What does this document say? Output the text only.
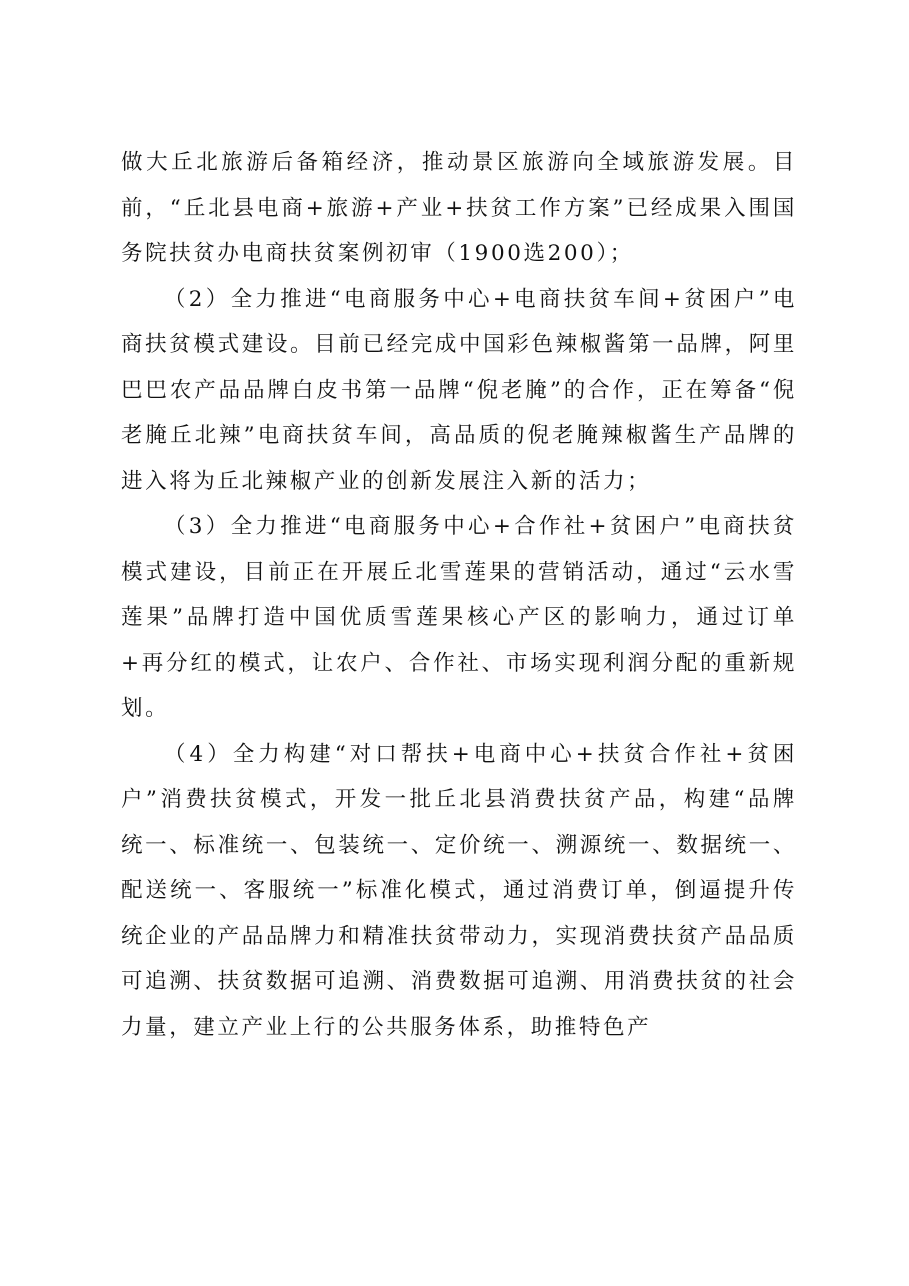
做大丘北旅游后备箱经济，推动景区旅游向全域旅游发展。目前，“丘北县电商+旅游+产业+扶贫工作方案”已经成果入围国务院扶贫办电商扶贫案例初审（1900选200）；

（2）全力推进“电商服务中心+电商扶贫车间+贫困户”电商扶贫模式建设。目前已经完成中国彩色辣椒酱第一品牌，阿里巴巴农产品品牌白皮书第一品牌“倪老腌”的合作，正在筹备“倪老腌丘北辣”电商扶贫车间，高品质的倪老腌辣椒酱生产品牌的进入将为丘北辣椒产业的创新发展注入新的活力；

（3）全力推进“电商服务中心+合作社+贫困户”电商扶贫模式建设，目前正在开展丘北雪莲果的营销活动，通过“云水雪莲果”品牌打造中国优质雪莲果核心产区的影响力，通过订单+再分红的模式，让农户、合作社、市场实现利润分配的重新规划。

（4）全力构建“对口帮扶+电商中心+扶贫合作社+贫困户”消费扶贫模式，开发一批丘北县消费扶贫产品，构建“品牌统一、标准统一、包装统一、定价统一、溯源统一、数据统一、配送统一、客服统一”标准化模式，通过消费订单，倒逼提升传统企业的产品品牌力和精准扶贫带动力，实现消费扶贫产品品质可追溯、扶贫数据可追溯、消费数据可追溯、用消费扶贫的社会力量，建立产业上行的公共服务体系，助推特色产
